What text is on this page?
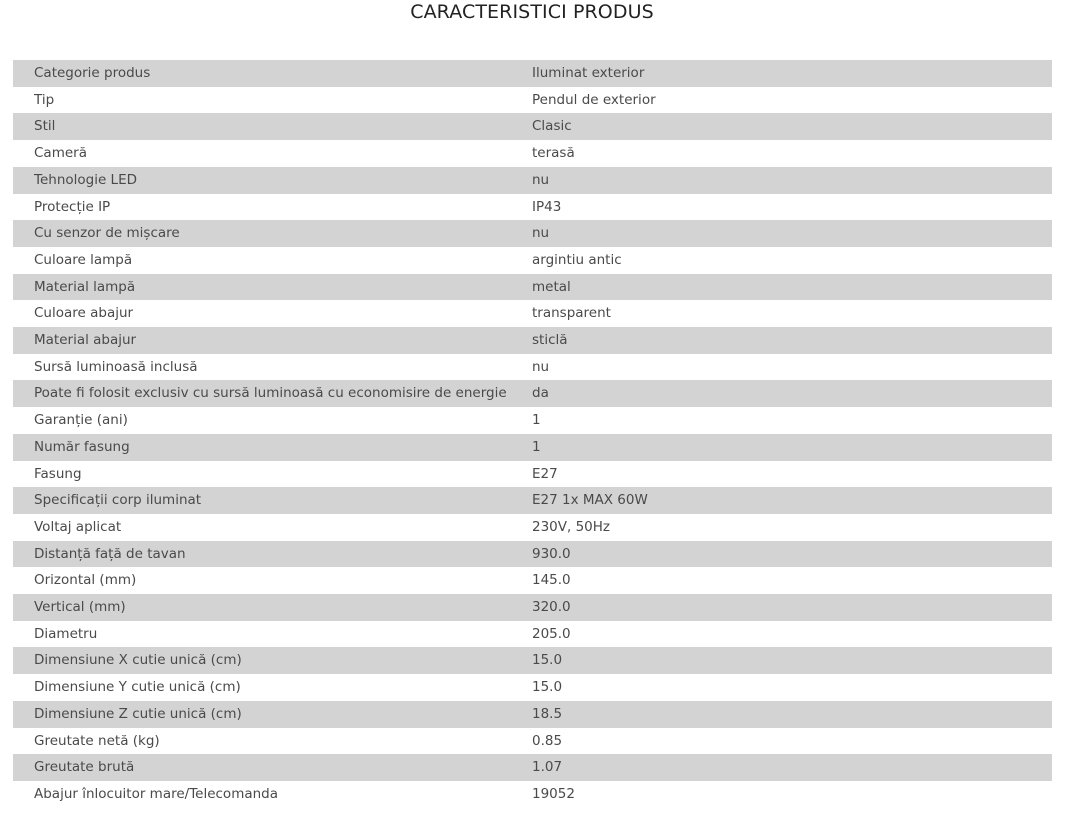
CARACTERISTICI PRODUS
Categorie produs	Iluminat exterior
Tip	Pendul de exterior
Stil	Clasic
Cameră	terasă
Tehnologie LED	nu
Protecție IP	IP43
Cu senzor de mișcare	nu
Culoare lampă	argintiu antic
Material lampă	metal
Culoare abajur	transparent
Material abajur	sticlă
Sursă luminoasă inclusă	nu
Poate fi folosit exclusiv cu sursă luminoasă cu economisire de energie	da
Garanție (ani)	1
Număr fasung	1
Fasung	E27
Specificații corp iluminat	E27 1x MAX 60W
Voltaj aplicat	230V, 50Hz
Distanță față de tavan	930.0
Orizontal (mm)	145.0
Vertical (mm)	320.0
Diametru	205.0
Dimensiune X cutie unică (cm)	15.0
Dimensiune Y cutie unică (cm)	15.0
Dimensiune Z cutie unică (cm)	18.5
Greutate netă (kg)	0.85
Greutate brută	1.07
Abajur înlocuitor mare/Telecomanda	19052
